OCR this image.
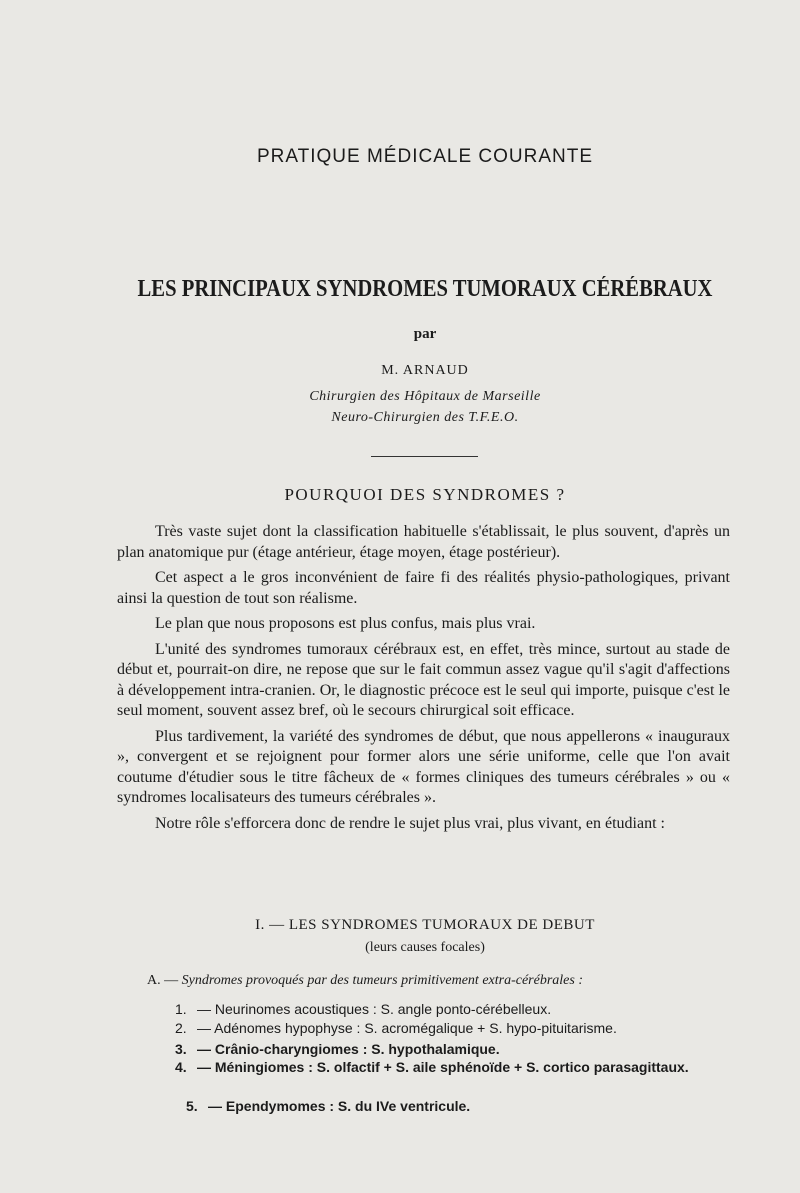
PRATIQUE MÉDICALE COURANTE
LES PRINCIPAUX SYNDROMES TUMORAUX CÉRÉBRAUX
par
M. ARNAUD
Chirurgien des Hôpitaux de Marseille
Neuro-Chirurgien des T.F.E.O.
POURQUOI DES SYNDROMES ?

Très vaste sujet dont la classification habituelle s'établissait, le plus souvent, d'après un plan anatomique pur (étage antérieur, étage moyen, étage postérieur).

Cet aspect a le gros inconvénient de faire fi des réalités physio-pathologiques, privant ainsi la question de tout son réalisme.

Le plan que nous proposons est plus confus, mais plus vrai.

L'unité des syndromes tumoraux cérébraux est, en effet, très mince, surtout au stade de début et, pourrait-on dire, ne repose que sur le fait commun assez vague qu'il s'agit d'affections à développement intra-cranien. Or, le diagnostic précoce est le seul qui importe, puisque c'est le seul moment, souvent assez bref, où le secours chirurgical soit efficace.

Plus tardivement, la variété des syndromes de début, que nous appellerons « inauguraux », convergent et se rejoignent pour former alors une série uniforme, celle que l'on avait coutume d'étudier sous le titre fâcheux de « formes cliniques des tumeurs cérébrales » ou « syndromes localisateurs des tumeurs cérébrales ».

Notre rôle s'efforcera donc de rendre le sujet plus vrai, plus vivant, en étudiant :

I. — LES SYNDROMES TUMORAUX DE DEBUT
(leurs causes focales)
A. — Syndromes provoqués par des tumeurs primitivement extra-cérébrales :
1. — Neurinomes acoustiques : S. angle ponto-cérébelleux.
2. — Adénomes hypophyse : S. acromégalique + S. hypo-pituitarisme.
3. — Crânio-charyngiomes : S. hypothalamique.
4. — Méningiomes : S. olfactif + S. aile sphénoïde + S. cortico parasagittaux.
5. — Ependymomes : S. du IVe ventricule.
